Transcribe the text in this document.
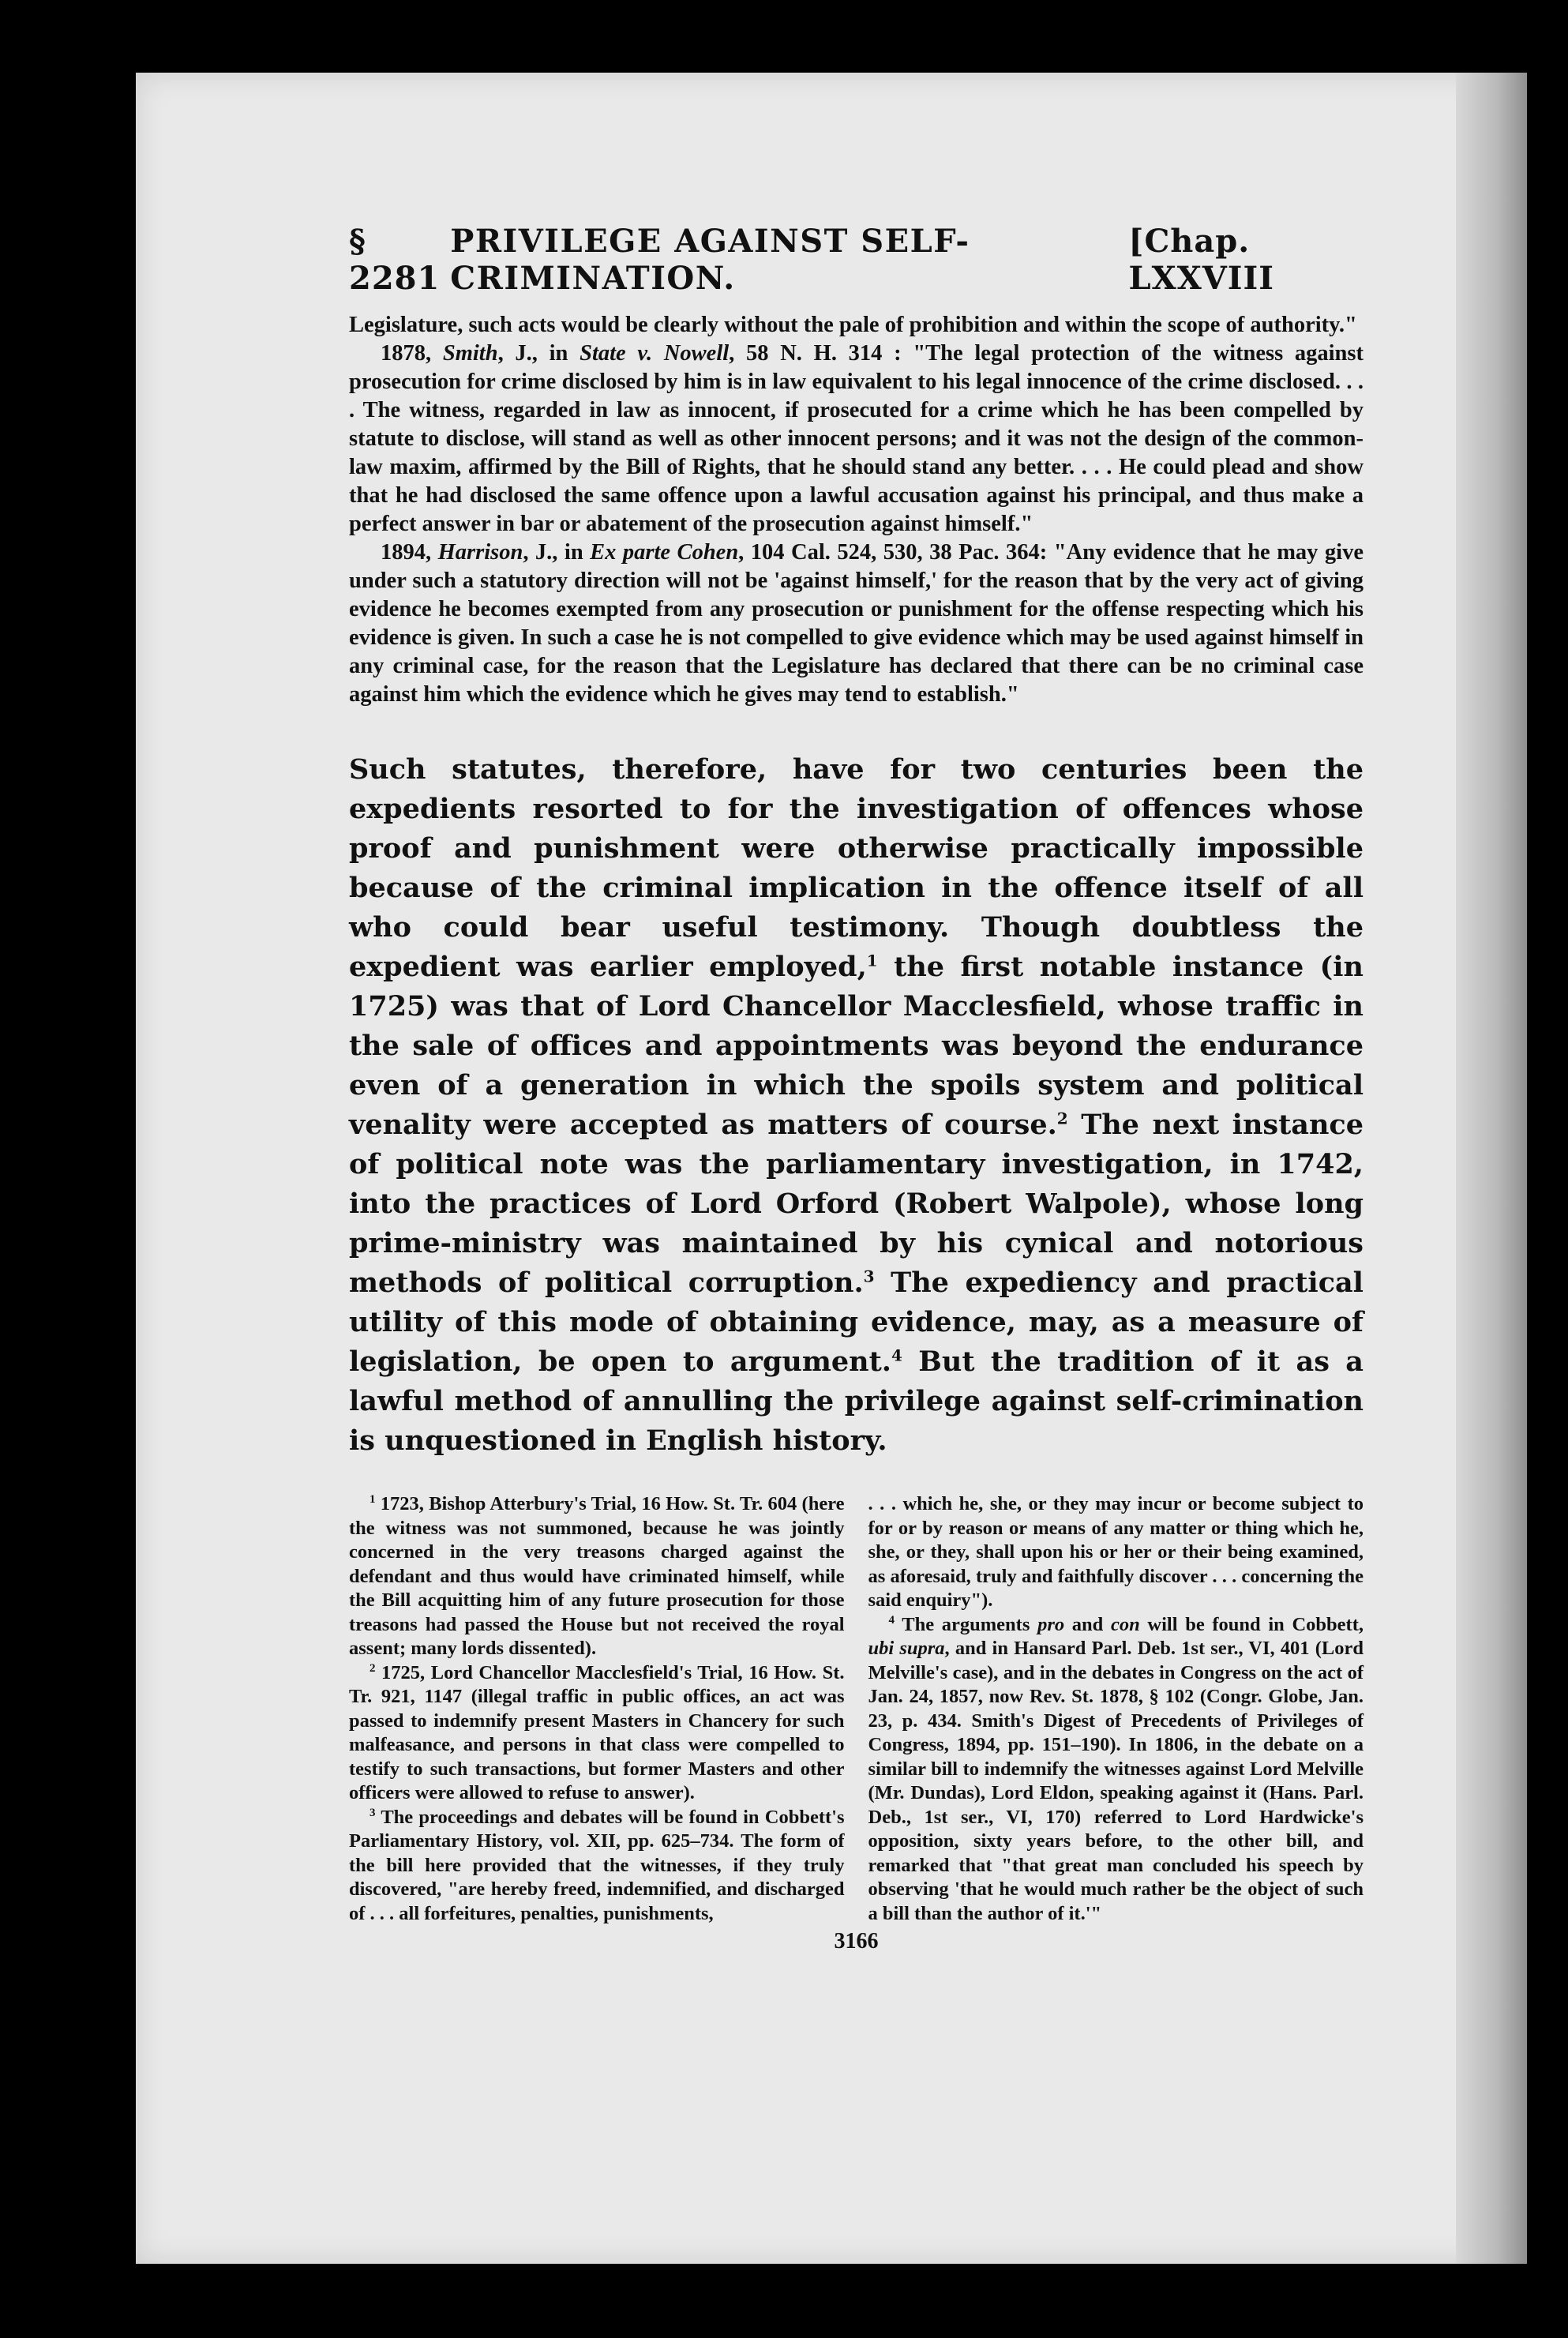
§ 2281
PRIVILEGE AGAINST SELF-CRIMINATION.
[Chap. LXXVIII

Legislature, such acts would be clearly without the pale of prohibition and within the scope of authority."

1878, Smith, J., in State v. Nowell, 58 N. H. 314 : "The legal protection of the witness against prosecution for crime disclosed by him is in law equivalent to his legal innocence of the crime disclosed. . . . The witness, regarded in law as innocent, if prosecuted for a crime which he has been compelled by statute to disclose, will stand as well as other innocent persons; and it was not the design of the common-law maxim, affirmed by the Bill of Rights, that he should stand any better. . . . He could plead and show that he had disclosed the same offence upon a lawful accusation against his principal, and thus make a perfect answer in bar or abatement of the prosecution against himself."

1894, Harrison, J., in Ex parte Cohen, 104 Cal. 524, 530, 38 Pac. 364: "Any evidence that he may give under such a statutory direction will not be 'against himself,' for the reason that by the very act of giving evidence he becomes exempted from any prosecution or punishment for the offense respecting which his evidence is given. In such a case he is not compelled to give evidence which may be used against himself in any criminal case, for the reason that the Legislature has declared that there can be no criminal case against him which the evidence which he gives may tend to establish."

Such statutes, therefore, have for two centuries been the expedients resorted to for the investigation of offences whose proof and punishment were otherwise practically impossible because of the criminal implication in the offence itself of all who could bear useful testimony. Though doubtless the expedient was earlier employed,$^1$ the first notable instance (in 1725) was that of Lord Chancellor Macclesfield, whose traffic in the sale of offices and appointments was beyond the endurance even of a generation in which the spoils system and political venality were accepted as matters of course.$^2$ The next instance of political note was the parliamentary investigation, in 1742, into the practices of Lord Orford (Robert Walpole), whose long prime-ministry was maintained by his cynical and notorious methods of political corruption.$^3$ The expediency and practical utility of this mode of obtaining evidence, may, as a measure of legislation, be open to argument.$^4$ But the tradition of it as a lawful method of annulling the privilege against self-crimination is unquestioned in English history.

$^1$ 1723, Bishop Atterbury's Trial, 16 How. St. Tr. 604 (here the witness was not summoned, because he was jointly concerned in the very treasons charged against the defendant and thus would have criminated himself, while the Bill acquitting him of any future prosecution for those treasons had passed the House but not received the royal assent; many lords dissented).

$^2$ 1725, Lord Chancellor Macclesfield's Trial, 16 How. St. Tr. 921, 1147 (illegal traffic in public offices, an act was passed to indemnify present Masters in Chancery for such malfeasance, and persons in that class were compelled to testify to such transactions, but former Masters and other officers were allowed to refuse to answer).

$^3$ The proceedings and debates will be found in Cobbett's Parliamentary History, vol. XII, pp. 625–734. The form of the bill here provided that the witnesses, if they truly discovered, "are hereby freed, indemnified, and discharged of . . . all forfeitures, penalties, punishments,

. . . which he, she, or they may incur or become subject to for or by reason or means of any matter or thing which he, she, or they, shall upon his or her or their being examined, as aforesaid, truly and faithfully discover . . . concerning the said enquiry").

$^4$ The arguments pro and con will be found in Cobbett, ubi supra, and in Hansard Parl. Deb. 1st ser., VI, 401 (Lord Melville's case), and in the debates in Congress on the act of Jan. 24, 1857, now Rev. St. 1878, § 102 (Congr. Globe, Jan. 23, p. 434. Smith's Digest of Precedents of Privileges of Congress, 1894, pp. 151–190). In 1806, in the debate on a similar bill to indemnify the witnesses against Lord Melville (Mr. Dundas), Lord Eldon, speaking against it (Hans. Parl. Deb., 1st ser., VI, 170) referred to Lord Hardwicke's opposition, sixty years before, to the other bill, and remarked that "that great man concluded his speech by observing 'that he would much rather be the object of such a bill than the author of it.'"

3166
